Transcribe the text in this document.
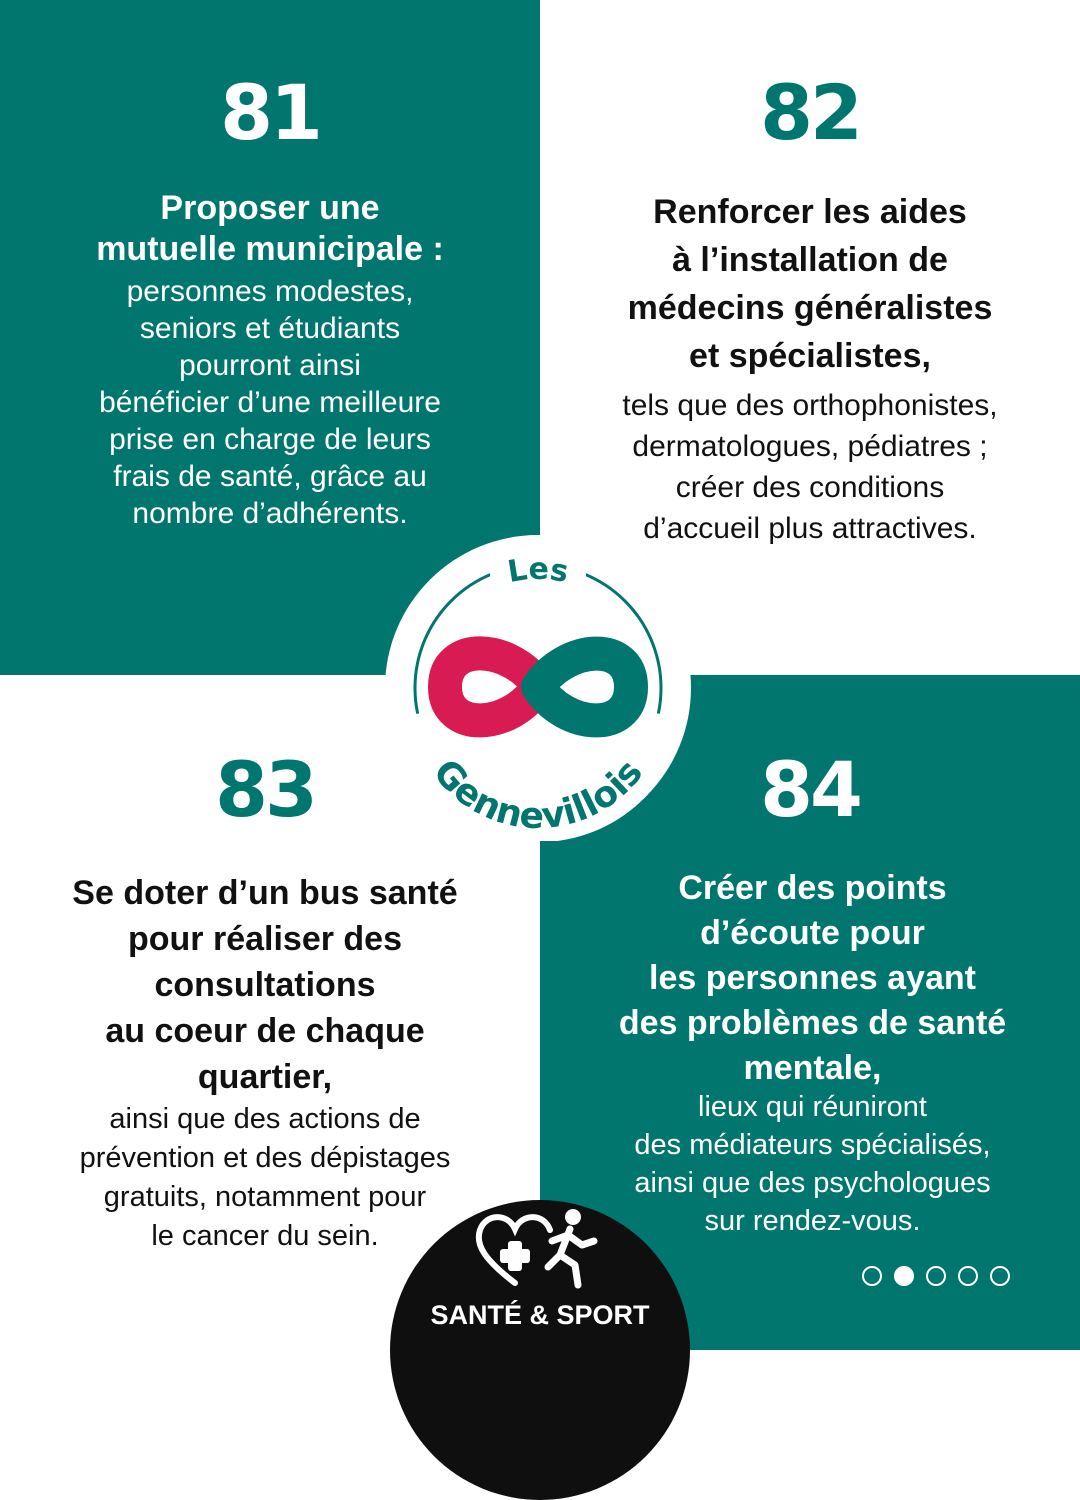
81
Proposer une
mutuelle municipale :
personnes modestes,
seniors et étudiants
pourront ainsi
bénéficier d’une meilleure
prise en charge de leurs
frais de santé, grâce au
nombre d’adhérents.
82
Renforcer les aides
à l’installation de
médecins généralistes
et spécialistes,
tels que des orthophonistes,
dermatologues, pédiatres ;
créer des conditions
d’accueil plus attractives.
83
Se doter d’un bus santé
pour réaliser des
consultations
au coeur de chaque
quartier,
ainsi que des actions de
prévention et des dépistages
gratuits, notamment pour
le cancer du sein.
84
Créer des points
d’écoute pour
les personnes ayant
des problèmes de santé
mentale,
lieux qui réuniront
des médiateurs spécialisés,
ainsi que des psychologues
sur rendez-vous.
Les
Gennevillois
SANTÉ & SPORT
